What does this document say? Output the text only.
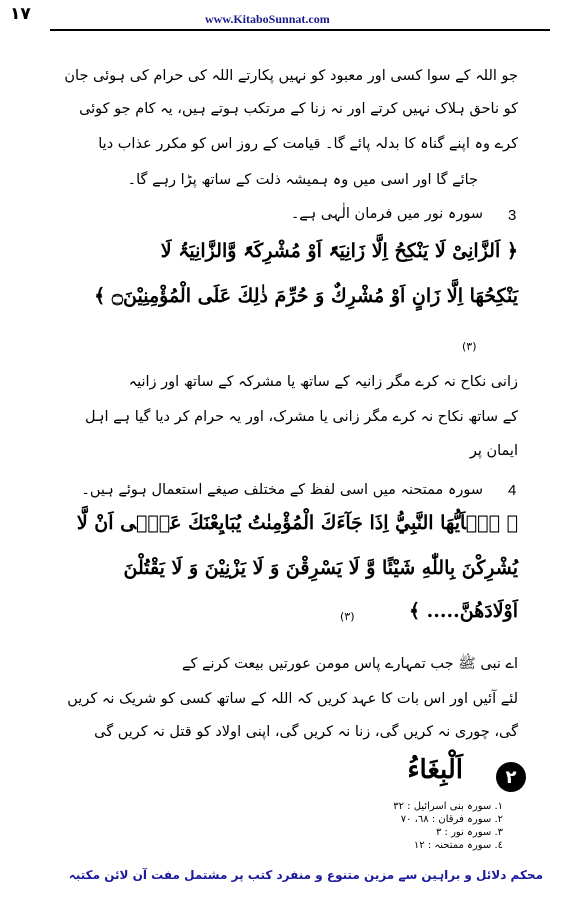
١٧	www.KitaboSunnat.com
جو اللہ کے سوا کسی اور معبود کو نہیں پکارتے اللہ کی حرام کی ہوئی جان
کو ناحق ہلاک نہیں کرتے اور نہ زنا کے مرتکب ہوتے ہیں، یہ کام جو کوئی
کرے وہ اپنے گناہ کا بدلہ پائے گا۔ قیامت کے روز اس کو مکرر عذاب دیا
جائے گا اور اسی میں وہ ہمیشہ ذلت کے ساتھ پڑا رہے گا۔
3
سورہ نور میں فرمان الٰہی ہے۔
﴿ اَلزَّانِیْ لَا یَنْکِحُ اِلَّا زَانِیَۃً اَوْ مُشْرِکَۃً وَّالزَّانِیَۃُ لَا
یَنْکِحُھَا اِلَّا زَانٍ اَوْ مُشْرِكٌ وَ حُرِّمَ ذٰلِكَ عَلَى الْمُؤْمِنِيْنَ۝ ﴾
(٣)
زانی نکاح نہ کرے مگر زانیہ کے ساتھ یا مشرکہ کے ساتھ اور زانیہ
کے ساتھ نکاح نہ کرے مگر زانی یا مشرک، اور یہ حرام کر دیا گیا ہے اہل
ایمان پر
4
سورہ ممتحنہ میں اسی لفظ کے مختلف صیغے استعمال ہوئے ہیں۔
﴿ يٰۤاَيُّهَا النَّبِيُّ اِذَا جَآءَكَ الْمُؤْمِنٰتُ يُبَايِعْنَكَ عَلٰۤى اَنْ لَّا
يُشْرِكْنَ بِاللّٰهِ شَيْئًا وَّ لَا يَسْرِقْنَ وَ لَا يَزْنِيْنَ وَ لَا يَقْتُلْنَ
اَوْلَادَهُنَّ..... ﴾
(٣)
اے نبی ﷺ جب تمہارے پاس مومن عورتیں بیعت کرنے کے
لئے آئیں اور اس بات کا عہد کریں کہ اللہ کے ساتھ کسی کو شریک نہ کریں
گی، چوری نہ کریں گی، زنا نہ کریں گی، اپنی اولاد کو قتل نہ کریں گی
٢
اَلْبِغَاءُ
١. سورہ بنی اسرائیل : ٣٢
٢. سورہ فرقان : ٦٨، ٧٠
٣. سورہ نور : ٣
٤. سورہ ممتحنہ : ١٢
محکم دلائل و براہین سے مزین متنوع و منفرد کتب پر مشتمل مفت آن لائن مکتبہ
